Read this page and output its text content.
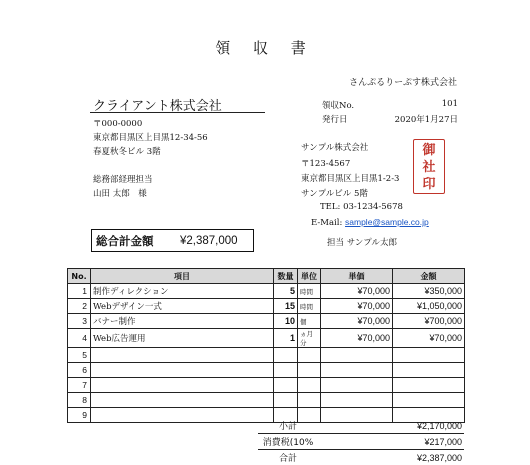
領 収 書
さんぷるりーぷす株式会社
クライアント株式会社
〒000-0000
東京都目黒区上目黒12-34-56
春夏秋冬ビル 3階
総務部経理担当
山田 太郎　様
領収No.	101
発行日	2020年1月27日
サンプル株式会社
〒123-4567
東京都目黒区上目黒1-2-3
サンプルビル 5階
TEL: 03-1234-5678
E-Mail: sample@sample.co.jp
担当 サンプル太郎
御
社
印
総合計金額	¥2,387,000
No.	項目	数量	単位	単価	金額
1	制作ディレクション	5	時間	¥70,000	¥350,000
2	Webデザイン一式	15	時間	¥70,000	¥1,050,000
3	バナー制作	10	個	¥70,000	¥700,000
4	Web広告運用	1	ヵ月分	¥70,000	¥70,000
5					
6					
7					
8					
9					
小計	¥2,170,000
消費税(10%	¥217,000
合計	¥2,387,000
